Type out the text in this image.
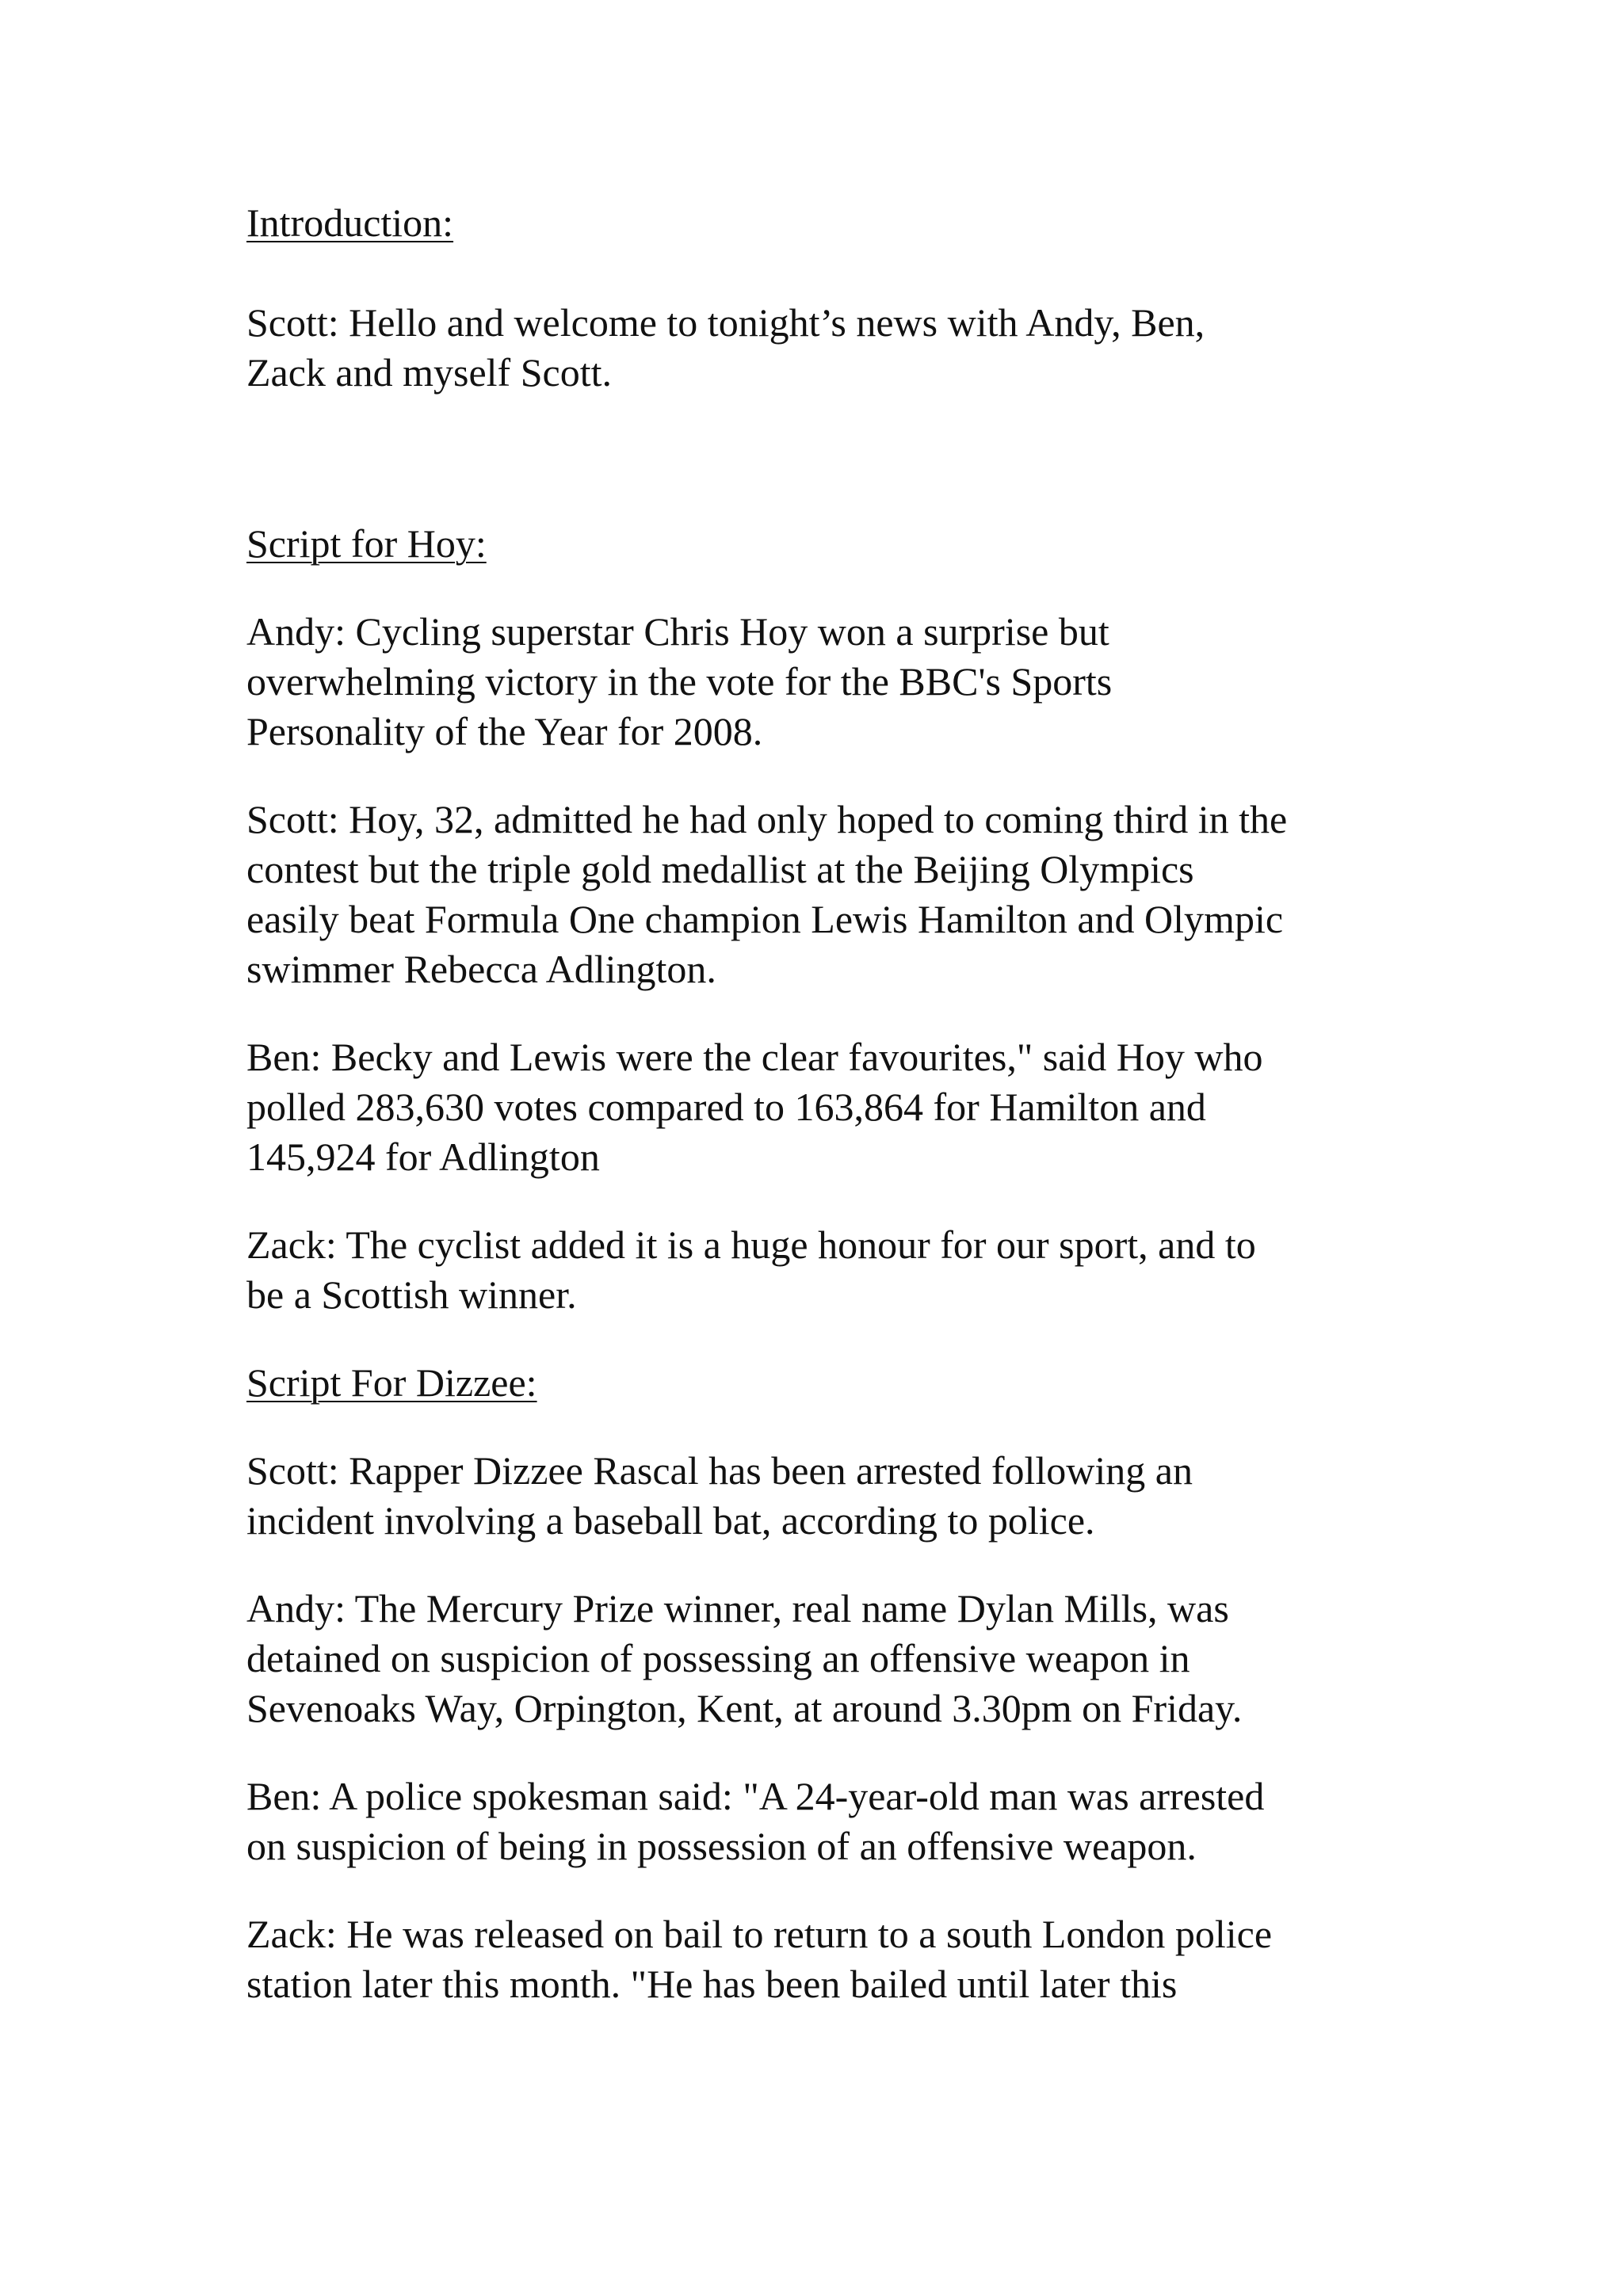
Introduction:

Scott: Hello and welcome to tonight’s news with Andy, Ben,

Zack and myself Scott.

Script for Hoy:

Andy: Cycling superstar Chris Hoy won a surprise but

overwhelming victory in the vote for the BBC's Sports

Personality of the Year for 2008.

Scott: Hoy, 32, admitted he had only hoped to coming third in the

contest but the triple gold medallist at the Beijing Olympics

easily beat Formula One champion Lewis Hamilton and Olympic

swimmer Rebecca Adlington.

Ben: Becky and Lewis were the clear favourites," said Hoy who

polled 283,630 votes compared to 163,864 for Hamilton and

145,924 for Adlington

Zack: The cyclist added it is a huge honour for our sport, and to

be a Scottish winner.

Script For Dizzee:

Scott: Rapper Dizzee Rascal has been arrested following an

incident involving a baseball bat, according to police.

Andy: The Mercury Prize winner, real name Dylan Mills, was

detained on suspicion of possessing an offensive weapon in

Sevenoaks Way, Orpington, Kent, at around 3.30pm on Friday.

Ben: A police spokesman said: "A 24-year-old man was arrested

on suspicion of being in possession of an offensive weapon.

Zack: He was released on bail to return to a south London police

station later this month. "He has been bailed until later this
